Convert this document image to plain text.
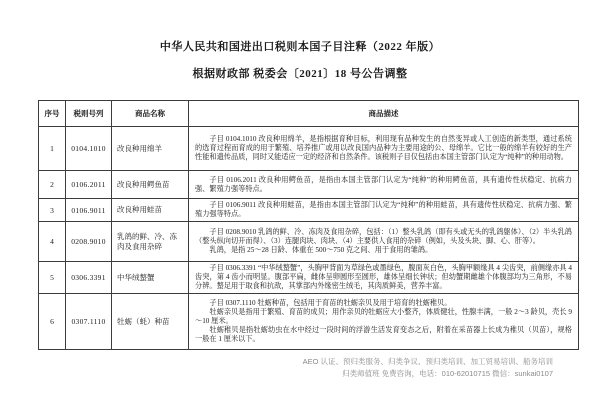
中华人民共和国进出口税则本国子目注释（2022 年版）
根据财政部 税委会〔2021〕18 号公告调整
序号	税则号列	商品名称	商品描述
1	0104.1010	改良种用绵羊	子目 0104.1010 改良种用绵羊，是指根据育种目标，利用现有品种发生的自然变异或人工创造的新类型，通过系统的选育过程而育成的用于繁殖、培养推广或用以改良国内品种为主要用途的公、母绵羊。它比一般的绵羊有较好的生产性能和遗传品质，同时又能适应一定的经济和自然条件。该税则子目仅包括由本国主管部门认定为“纯种”的种用动物。

2	0106.2011	改良种用鳄鱼苗	子目 0106.2011 改良种用鳄鱼苗，是指由本国主管部门认定为“纯种”的种用鳄鱼苗，具有遗传性状稳定、抗病力强、繁殖力强等特点。

3	0106.9011	改良种用蛙苗	子目 0106.9011 改良种用蛙苗，是指由本国主管部门认定为“纯种”的种用蛙苗，具有遗传性状稳定、抗病力强、繁殖力强等特点。

4	0208.9010	乳鸽的鲜、冷、冻肉及食用杂碎	子目 0208.9010 乳鸽的鲜、冷、冻肉及食用杂碎，包括：（1）整头乳鸽（即有头或无头的乳鸽躯体）、（2）半头乳鸽（整头纵向切开而得）、（3）连腿肉块、肉块、（4）主要供人食用的杂碎（例如，头及头块、脚、心、肝等）。

乳鸽，是指 25～28 日龄、体重在 500～750 克之间、用于食用的雏鸽。

5	0306.3391	中华绒螯蟹	子目 0306.3391 “中华绒螯蟹”，头胸甲背面为草绿色或墨绿色，腹面灰白色，头胸甲额缘具 4 尖齿突，前侧缘亦具 4 齿突，第 4 齿小而明显。腹部平扁，雌体呈卵圆形至圆形，雄体呈细长钟状；但幼蟹期雌雄个体腹部均为三角形，不易分辨。螯足用于取食和抗敌，其掌部内外缘密生绒毛，其肉质鲜美，营养丰富。

6	0307.1110	牡蛎（蚝）种苗	子目 0307.1110 牡蛎种苗，包括用于育苗的牡蛎亲贝及用于培育的牡蛎稚贝。

牡蛎亲贝是指用于繁殖、育苗的成贝；用作亲贝的牡蛎应大小整齐，体质健壮，性腺丰满，一般 2～3 龄贝，壳长 9～10 厘米。

牡蛎稚贝是指牡蛎幼虫在水中经过一段时间的浮游生活发育变态之后，附着在采苗器上长成为稚贝（贝苗），规格一般在 1 厘米以下。

AEO 认证、预归类服务、归类争议、预归类培训、加工贸易培训、船务培训
归类师值班 免费咨询，电话：010-62010715 微信：sunkai0107
